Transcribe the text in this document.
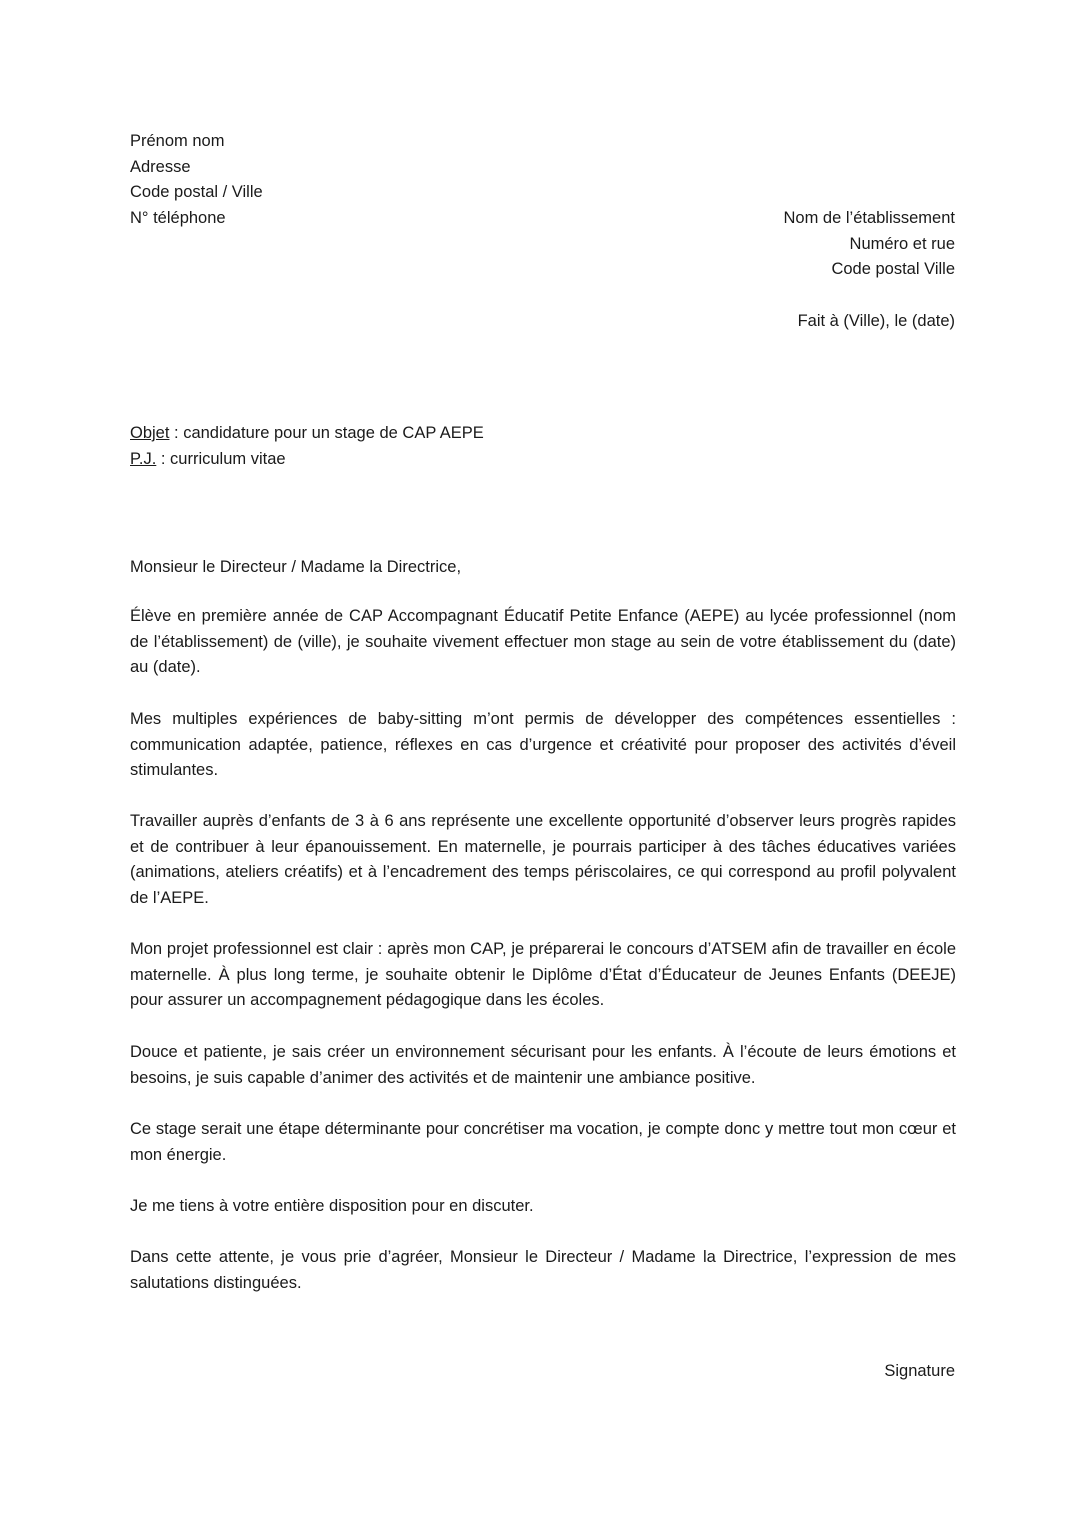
Prénom nom
Adresse
Code postal / Ville
N° téléphone	Nom de l’établissement
Numéro et rue
Code postal Ville
Fait à (Ville), le (date)
Objet : candidature pour un stage de CAP AEPE
P.J. : curriculum vitae
Monsieur le Directeur / Madame la Directrice,
Élève en première année de CAP Accompagnant Éducatif Petite Enfance (AEPE) au lycée professionnel (nom de l’établissement) de (ville), je souhaite vivement effectuer mon stage au sein de votre établissement du (date) au (date).
Mes multiples expériences de baby-sitting m’ont permis de développer des compétences essentielles : communication adaptée, patience, réflexes en cas d’urgence et créativité pour proposer des activités d’éveil stimulantes.
Travailler auprès d’enfants de 3 à 6 ans représente une excellente opportunité d’observer leurs progrès rapides et de contribuer à leur épanouissement. En maternelle, je pourrais participer à des tâches éducatives variées (animations, ateliers créatifs) et à l’encadrement des temps périscolaires, ce qui correspond au profil polyvalent de l’AEPE.
Mon projet professionnel est clair : après mon CAP, je préparerai le concours d’ATSEM afin de travailler en école maternelle. À plus long terme, je souhaite obtenir le Diplôme d’État d’Éducateur de Jeunes Enfants (DEEJE) pour assurer un accompagnement pédagogique dans les écoles.
Douce et patiente, je sais créer un environnement sécurisant pour les enfants. À l’écoute de leurs émotions et besoins, je suis capable d’animer des activités et de maintenir une ambiance positive.
Ce stage serait une étape déterminante pour concrétiser ma vocation, je compte donc y mettre tout mon cœur et mon énergie.
Je me tiens à votre entière disposition pour en discuter.
Dans cette attente, je vous prie d’agréer, Monsieur le Directeur / Madame la Directrice, l’expression de mes salutations distinguées.
Signature
